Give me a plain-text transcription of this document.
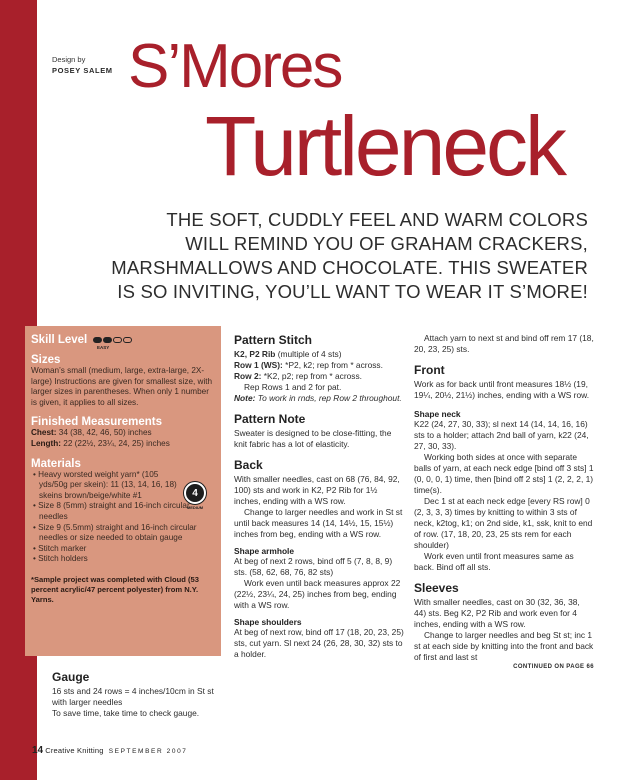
Design by
POSEY SALEM S’Mores
Turtleneck
THE SOFT, CUDDLY FEEL AND WARM COLORS
WILL REMIND YOU OF GRAHAM CRACKERS,
MARSHMALLOWS AND CHOCOLATE. THIS SWEATER
IS SO INVITING, YOU’LL WANT TO WEAR IT S’MORE!
Skill Level
EASY
Sizes
Woman’s small (medium, large, extra-large, 2X-large) Instructions are given for smallest size, with larger sizes in parentheses. When only 1 number is given, it applies to all sizes.
Finished Measurements
Chest: 34 (38, 42, 46, 50) inches
Length: 22 (22½, 23¼, 24, 25) inches
Materials
• Heavy worsted weight yarn* (105 yds/50g per skein): 11 (13, 14, 16, 18) skeins brown/beige/white #1
• Size 8 (5mm) straight and 16-inch circular needles
• Size 9 (5.5mm) straight and 16-inch circular needles or size needed to obtain gauge
• Stitch marker
• Stitch holders
4
MEDIUM
*Sample project was completed with Cloud (53 percent acrylic/47 percent polyester) from N.Y. Yarns.
Gauge
16 sts and 24 rows = 4 inches/10cm in St st with larger needles
To save time, take time to check gauge.
Pattern Stitch
K2, P2 Rib (multiple of 4 sts)
Row 1 (WS): *P2, k2; rep from * across.
Row 2: *K2, p2; rep from * across.
Rep Rows 1 and 2 for pat.
Note: To work in rnds, rep Row 2 throughout.
Pattern Note
Sweater is designed to be close-fitting, the knit fabric has a lot of elasticity.
Back
With smaller needles, cast on 68 (76, 84, 92, 100) sts and work in K2, P2 Rib for 1½ inches, ending with a WS row.
Change to larger needles and work in St st until back measures 14 (14, 14½, 15, 15½) inches from beg, ending with a WS row.
Shape armhole
At beg of next 2 rows, bind off 5 (7, 8, 8, 9) sts. (58, 62, 68, 76, 82 sts)
Work even until back measures approx 22 (22½, 23¼, 24, 25) inches from beg, ending with a WS row.
Shape shoulders
At beg of next row, bind off 17 (18, 20, 23, 25) sts, cut yarn. Sl next 24 (26, 28, 30, 32) sts to a holder.
Attach yarn to next st and bind off rem 17 (18, 20, 23, 25) sts.
Front
Work as for back until front measures 18½ (19, 19¼, 20½, 21½) inches, ending with a WS row.
Shape neck
K22 (24, 27, 30, 33); sl next 14 (14, 14, 16, 16) sts to a holder; attach 2nd ball of yarn, k22 (24, 27, 30, 33).
Working both sides at once with separate balls of yarn, at each neck edge [bind off 3 sts] 1 (0, 0, 0, 1) time, then [bind off 2 sts] 1 (2, 2, 2, 1) time(s).
Dec 1 st at each neck edge [every RS row] 0 (2, 3, 3, 3) times by knitting to within 3 sts of neck, k2tog, k1; on 2nd side, k1, ssk, knit to end of row. (17, 18, 20, 23, 25 sts rem for each shoulder)
Work even until front measures same as back. Bind off all sts.
Sleeves
With smaller needles, cast on 30 (32, 36, 38, 44) sts. Beg K2, P2 Rib and work even for 4 inches, ending with a WS row.
Change to larger needles and beg St st; inc 1 st at each side by knitting into the front and back of first and last st
CONTINUED ON PAGE 66
14 Creative Knitting SEPTEMBER 2007
